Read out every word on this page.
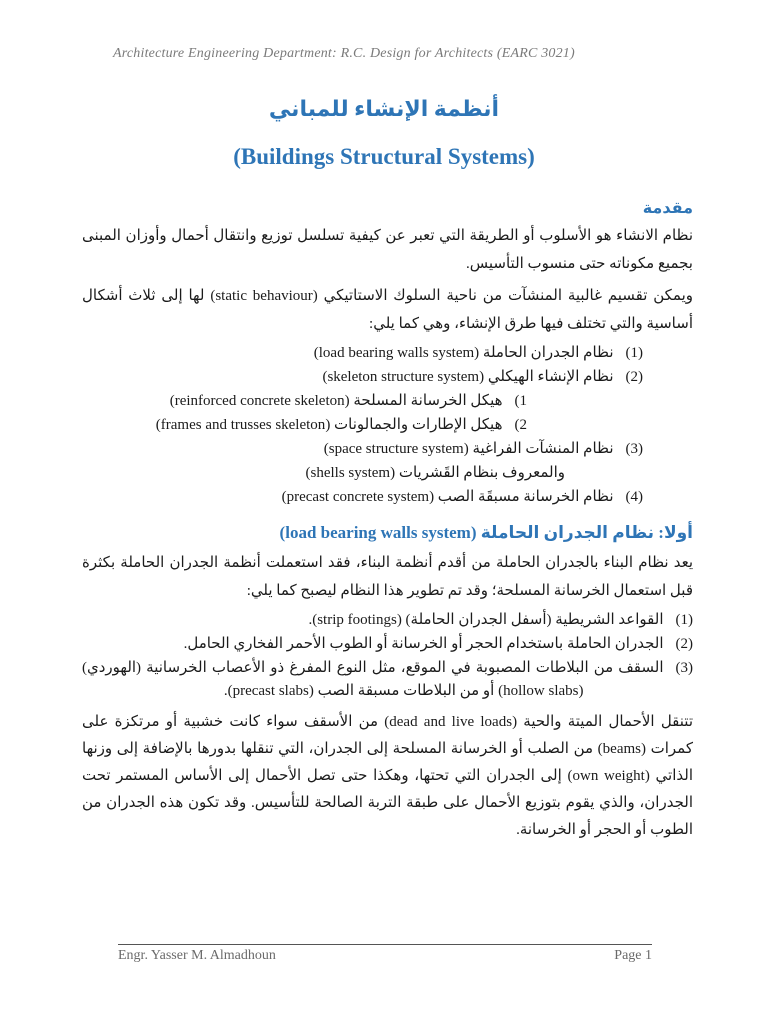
Architecture Engineering Department: R.C. Design for Architects (EARC 3021)
أنظمة الإنشاء للمباني
(Buildings Structural Systems)
مقدمة

نظام الانشاء هو الأسلوب أو الطريقة التي تعبر عن كيفية تسلسل توزيع وانتقال أحمال وأوزان المبنى بجميع مكوناته حتى منسوب التأسيس.

ويمكن تقسيم غالبية المنشآت من ناحية السلوك الاستاتيكي (static behaviour) لها إلى ثلاث أشكال أساسية والتي تختلف فيها طرق الإنشاء، وهي كما يلي:

(1)
نظام الجدران الحاملة (load bearing walls system)
(2)
نظام الإنشاء الهيكلي (skeleton structure system)
1)
هيكل الخرسانة المسلحة (reinforced concrete skeleton)
2)
هيكل الإطارات والجمالونات (frames and trusses skeleton)
(3)
نظام المنشآت الفراغية (space structure system)
والمعروف بنظام القَشريات (shells system)
(4)
نظام الخرسانة مسبقَة الصب (precast concrete system)
أولا: نظام الجدران الحاملة (load bearing walls system)

يعد نظام البناء بالجدران الحاملة من أقدم أنظمة البناء، فقد استعملت أنظمة الجدران الحاملة بكثرة قبل استعمال الخرسانة المسلحة؛ وقد تم تطوير هذا النظام ليصبح كما يلي:

(1)
القواعد الشريطية (أسفل الجدران الحاملة) (strip footings).
(2)
الجدران الحاملة باستخدام الحجر أو الخرسانة أو الطوب الأحمر الفخاري الحامل.
(3)
السقف من البلاطات المصبوبة في الموقع، مثل النوع المفرغ ذو الأعصاب الخرسانية (الهوردي) (hollow slabs) أو من البلاطات مسبقة الصب (precast slabs).

تتنقل الأحمال الميتة والحية (dead and live loads) من الأسقف سواء كانت خشبية أو مرتكزة على كمرات (beams) من الصلب أو الخرسانة المسلحة إلى الجدران، التي تنقلها بدورها بالإضافة إلى وزنها الذاتي (own weight) إلى الجدران التي تحتها، وهكذا حتى تصل الأحمال إلى الأساس المستمر تحت الجدران، والذي يقوم بتوزيع الأحمال على طبقة التربة الصالحة للتأسيس. وقد تكون هذه الجدران من الطوب أو الحجر أو الخرسانة.

Engr. Yasser M. Almadhoun	Page 1
